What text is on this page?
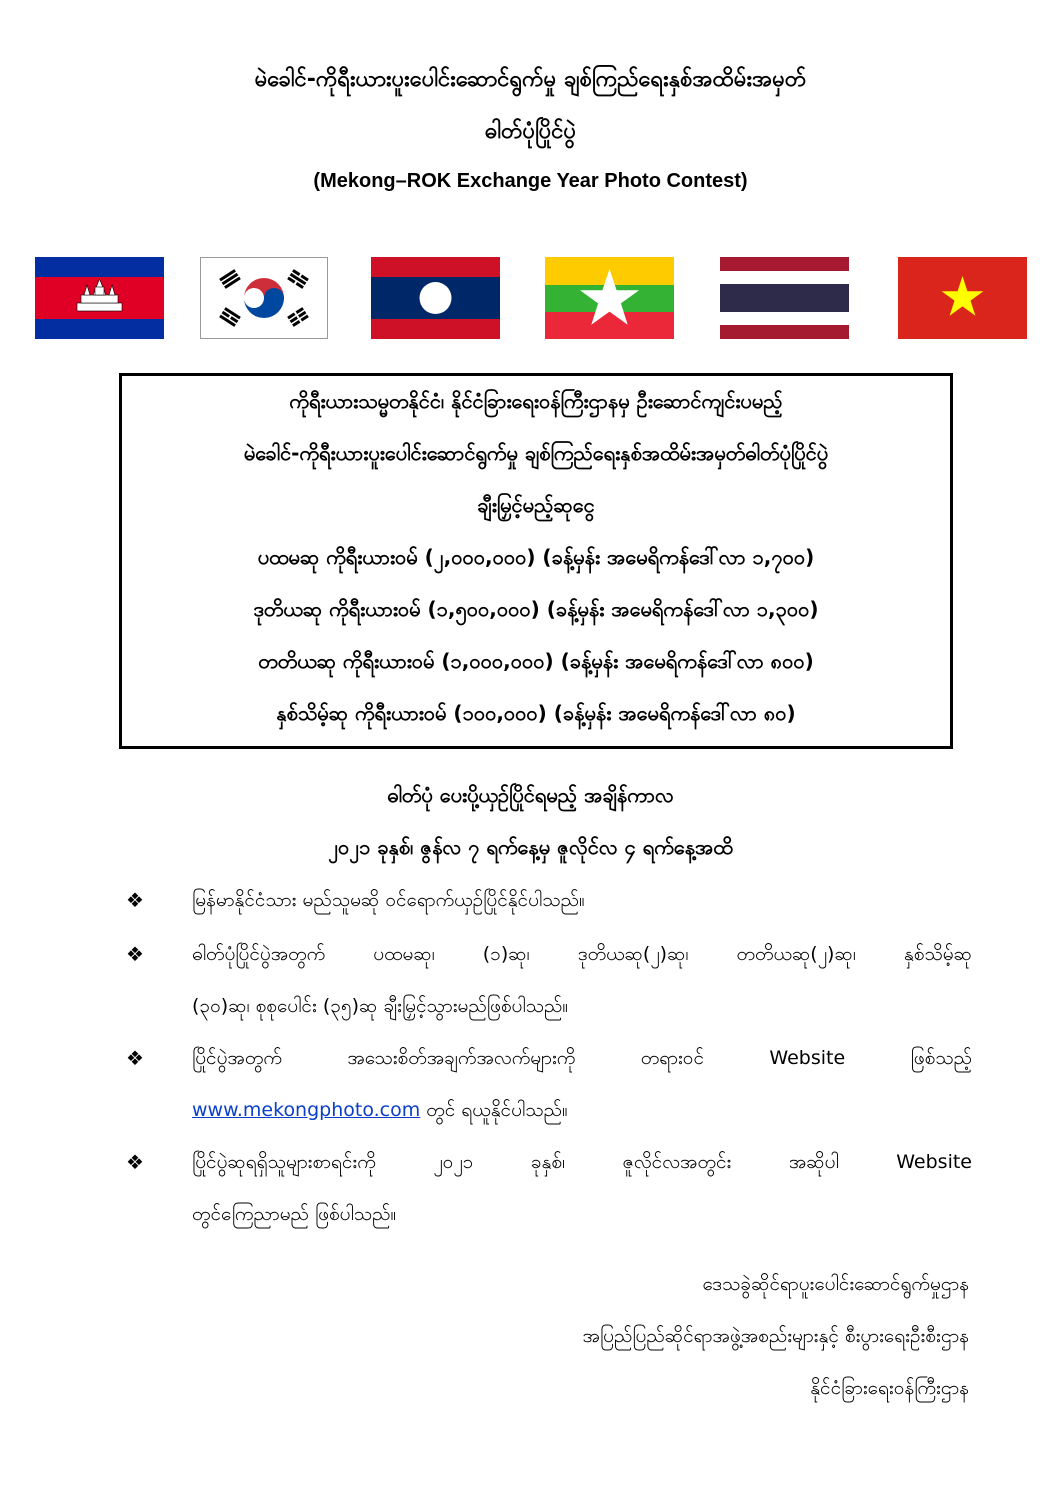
မဲခေါင်-ကိုရီးယားပူးပေါင်းဆောင်ရွက်မှု ချစ်ကြည်ရေးနှစ်အထိမ်းအမှတ်
ဓါတ်ပုံပြိုင်ပွဲ
(Mekong–ROK Exchange Year Photo Contest)
ကိုရီးယားသမ္မတနိုင်ငံ၊ နိုင်ငံခြားရေးဝန်ကြီးဌာနမှ ဦးဆောင်ကျင်းပမည့်
မဲခေါင်-ကိုရီးယားပူးပေါင်းဆောင်ရွက်မှု ချစ်ကြည်ရေးနှစ်အထိမ်းအမှတ်ဓါတ်ပုံပြိုင်ပွဲ
ချီးမြှင့်မည့်ဆုငွေ
ပထမဆု ကိုရီးယားဝမ် (၂,၀၀၀,၀၀၀) (ခန့်မှန်း အမေရိကန်ဒေါ်လာ ၁,၇၀၀)
ဒုတိယဆု ကိုရီးယားဝမ် (၁,၅၀၀,၀၀၀) (ခန့်မှန်း အမေရိကန်ဒေါ်လာ ၁,၃၀၀)
တတိယဆု ကိုရီးယားဝမ် (၁,၀၀၀,၀၀၀) (ခန့်မှန်း အမေရိကန်ဒေါ်လာ ၈၀၀)
နှစ်သိမ့်ဆု ကိုရီးယားဝမ် (၁၀၀,၀၀၀) (ခန့်မှန်း အမေရိကန်ဒေါ်လာ ၈၀)
ဓါတ်ပုံ ပေးပို့ယှဉ်ပြိုင်ရမည့် အချိန်ကာလ
၂၀၂၁ ခုနှစ်၊ ဇွန်လ ၇ ရက်နေ့မှ ဇူလိုင်လ ၄ ရက်နေ့အထိ
❖	မြန်မာနိုင်ငံသား မည်သူမဆို ဝင်ရောက်ယှဉ်ပြိုင်နိုင်ပါသည်။
❖	ဓါတ်ပုံပြိုင်ပွဲအတွက် ပထမဆု၊ (၁)ဆု၊ ဒုတိယဆု(၂)ဆု၊ တတိယဆု(၂)ဆု၊ နှစ်သိမ့်ဆု
(၃၀)ဆု၊ စုစုပေါင်း (၃၅)ဆု ချီးမြှင့်သွားမည်ဖြစ်ပါသည်။
❖	ပြိုင်ပွဲအတွက် အသေးစိတ်အချက်အလက်များကို တရားဝင် Website ဖြစ်သည့်
www.mekongphoto.com တွင် ရယူနိုင်ပါသည်။
❖	ပြိုင်ပွဲဆုရရှိသူများစာရင်းကို ၂၀၂၁ ခုနှစ်၊ ဇူလိုင်လအတွင်း အဆိုပါ Website
တွင်ကြေညာမည် ဖြစ်ပါသည်။
ဒေသခွဲဆိုင်ရာပူးပေါင်းဆောင်ရွက်မှုဌာန
အပြည်ပြည်ဆိုင်ရာအဖွဲ့အစည်းများနှင့် စီးပွားရေးဦးစီးဌာန
နိုင်ငံခြားရေးဝန်ကြီးဌာန
